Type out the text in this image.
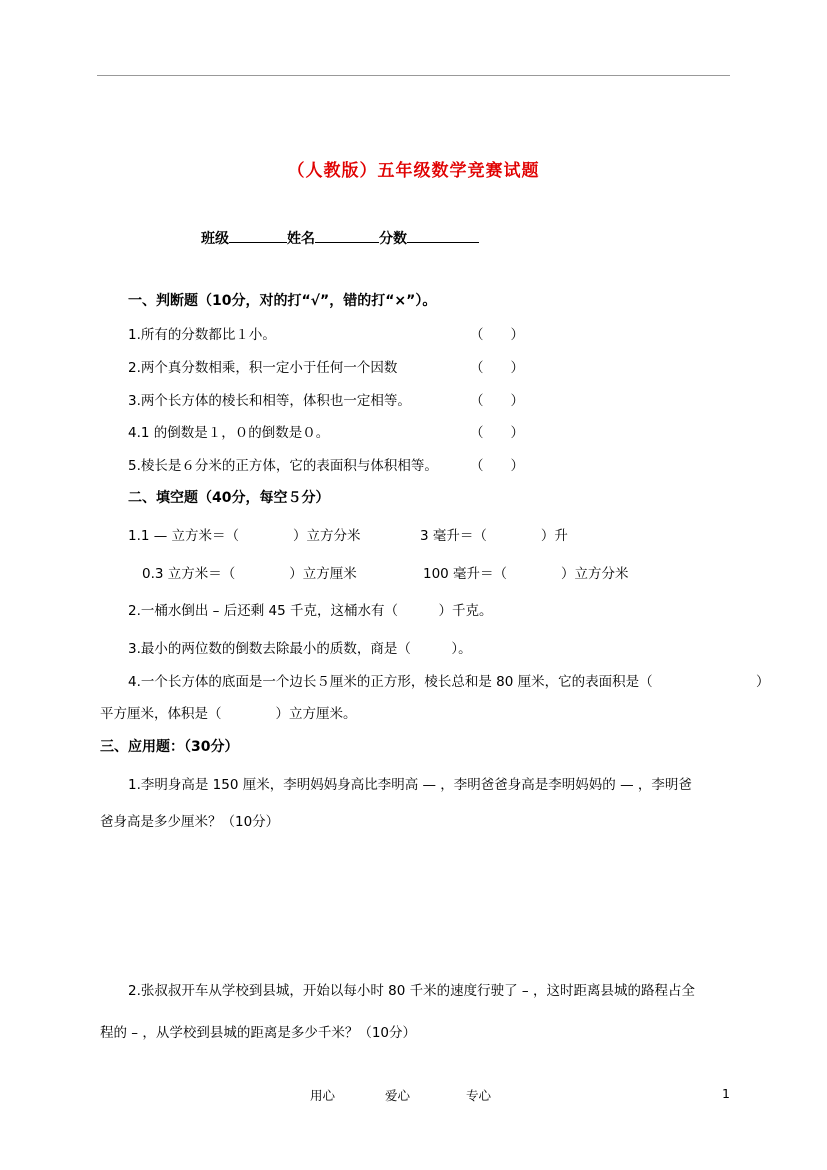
（人教版）五年级数学竞赛试题
班级	姓名	分数
一、判断题（10分，对的打“√”，错的打“×”）。
1.所有的分数都比１小。	（　　）
2.两个真分数相乘，积一定小于任何一个因数	（　　）
3.两个长方体的棱长和相等，体积也一定相等。	（　　）
4.1 的倒数是１，０的倒数是０。	（　　）
5.棱长是６分米的正方体，它的表面积与体积相等。 （　　）
二、填空题（40分，每空５分）
1.1 — 立方米＝（　　　　）立方分米	3 毫升＝（　　　　）升
0.3 立方米＝（　　　　）立方厘米	100 毫升＝（　　　　）立方分米
2.一桶水倒出 – 后还剩 45 千克，这桶水有（　　　）千克。
3.最小的两位数的倒数去除最小的质数，商是（　　　）。
4.一个长方体的底面是一个边长５厘米的正方形，棱长总和是 80 厘米，它的表面积是（	）
平方厘米，体积是（　　　　）立方厘米。
三、应用题：（30分）
1.李明身高是 150 厘米，李明妈妈身高比李明高 — ，李明爸爸身高是李明妈妈的 — ，李明爸
爸身高是多少厘米？（10分）
2.张叔叔开车从学校到县城，开始以每小时 80 千米的速度行驶了 – ，这时距离县城的路程占全
程的 – ，从学校到县城的距离是多少千米？（10分）
用心	爱心	专心	1
